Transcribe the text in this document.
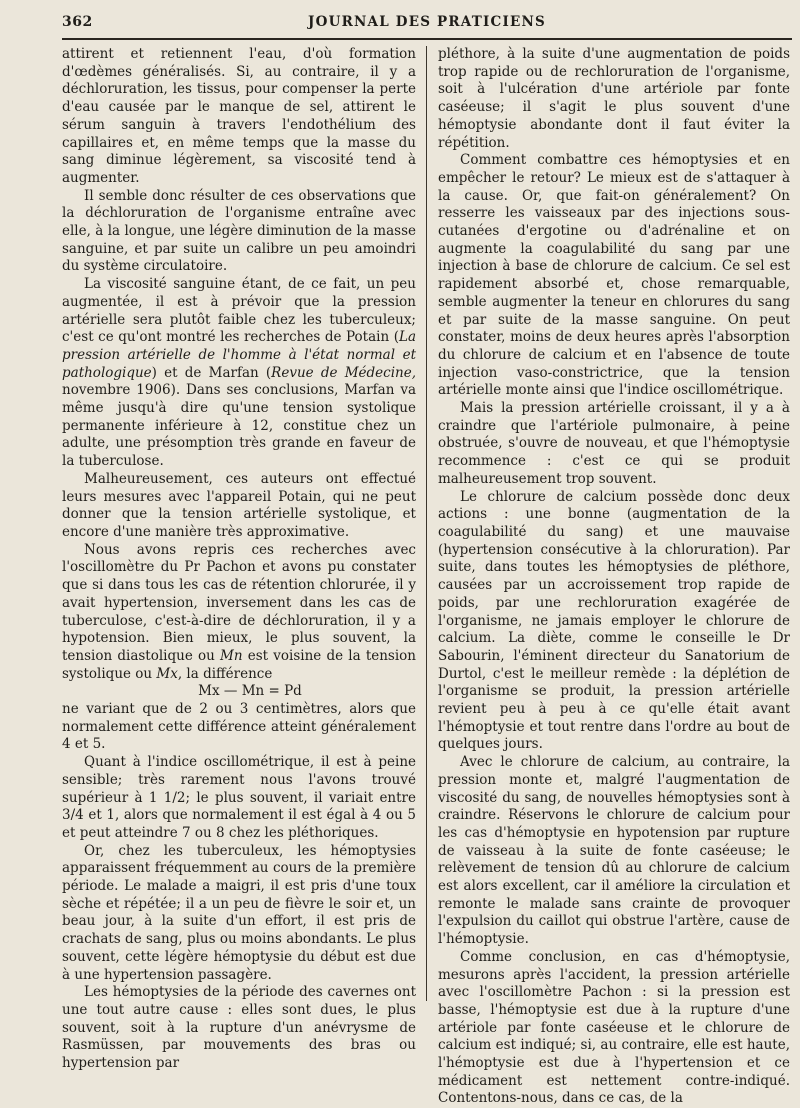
362	JOURNAL DES PRATICIENS

attirent et retiennent l'eau, d'où formation d'œdèmes généralisés. Si, au contraire, il y a déchloruration, les tissus, pour compenser la perte d'eau causée par le manque de sel, attirent le sérum sanguin à travers l'endothélium des capillaires et, en même temps que la masse du sang diminue légèrement, sa viscosité tend à augmenter.

Il semble donc résulter de ces observations que la déchloruration de l'organisme entraîne avec elle, à la longue, une légère diminution de la masse sanguine, et par suite un calibre un peu amoindri du système circulatoire.

La viscosité sanguine étant, de ce fait, un peu augmentée, il est à prévoir que la pression artérielle sera plutôt faible chez les tuberculeux; c'est ce qu'ont montré les recherches de Potain (La pression artérielle de l'homme à l'état normal et pathologique) et de Marfan (Revue de Médecine, novembre 1906). Dans ses conclusions, Marfan va même jusqu'à dire qu'une tension systolique permanente inférieure à 12, constitue chez un adulte, une présomption très grande en faveur de la tuberculose.

Malheureusement, ces auteurs ont effectué leurs mesures avec l'appareil Potain, qui ne peut donner que la tension artérielle systolique, et encore d'une manière très approximative.

Nous avons repris ces recherches avec l'oscillomètre du Pr Pachon et avons pu constater que si dans tous les cas de rétention chlorurée, il y avait hypertension, inversement dans les cas de tuberculose, c'est-à-dire de déchloruration, il y a hypotension. Bien mieux, le plus souvent, la tension diastolique ou Mn est voisine de la tension systolique ou Mx, la différence

Mx — Mn = Pd

ne variant que de 2 ou 3 centimètres, alors que normalement cette différence atteint généralement 4 et 5.

Quant à l'indice oscillométrique, il est à peine sensible; très rarement nous l'avons trouvé supérieur à 1 1/2; le plus souvent, il variait entre 3/4 et 1, alors que normalement il est égal à 4 ou 5 et peut atteindre 7 ou 8 chez les pléthoriques.

Or, chez les tuberculeux, les hémoptysies apparaissent fréquemment au cours de la première période. Le malade a maigri, il est pris d'une toux sèche et répétée; il a un peu de fièvre le soir et, un beau jour, à la suite d'un effort, il est pris de crachats de sang, plus ou moins abondants. Le plus souvent, cette légère hémoptysie du début est due à une hypertension passagère.

Les hémoptysies de la période des cavernes ont une tout autre cause : elles sont dues, le plus souvent, soit à la rupture d'un anévrysme de Rasmüssen, par mouvements des bras ou hypertension par

pléthore, à la suite d'une augmentation de poids trop rapide ou de rechloruration de l'organisme, soit à l'ulcération d'une artériole par fonte caséeuse; il s'agit le plus souvent d'une hémoptysie abondante dont il faut éviter la répétition.

Comment combattre ces hémoptysies et en empêcher le retour? Le mieux est de s'attaquer à la cause. Or, que fait-on généralement? On resserre les vaisseaux par des injections sous-cutanées d'ergotine ou d'adrénaline et on augmente la coagulabilité du sang par une injection à base de chlorure de calcium. Ce sel est rapidement absorbé et, chose remarquable, semble augmenter la teneur en chlorures du sang et par suite de la masse sanguine. On peut constater, moins de deux heures après l'absorption du chlorure de calcium et en l'absence de toute injection vaso-constrictrice, que la tension artérielle monte ainsi que l'indice oscillométrique.

Mais la pression artérielle croissant, il y a à craindre que l'artériole pulmonaire, à peine obstruée, s'ouvre de nouveau, et que l'hémoptysie recommence : c'est ce qui se produit malheureusement trop souvent.

Le chlorure de calcium possède donc deux actions : une bonne (augmentation de la coagulabilité du sang) et une mauvaise (hypertension consécutive à la chloruration). Par suite, dans toutes les hémoptysies de pléthore, causées par un accroissement trop rapide de poids, par une rechloruration exagérée de l'organisme, ne jamais employer le chlorure de calcium. La diète, comme le conseille le Dr Sabourin, l'éminent directeur du Sanatorium de Durtol, c'est le meilleur remède : la déplétion de l'organisme se produit, la pression artérielle revient peu à peu à ce qu'elle était avant l'hémoptysie et tout rentre dans l'ordre au bout de quelques jours.

Avec le chlorure de calcium, au contraire, la pression monte et, malgré l'augmentation de viscosité du sang, de nouvelles hémoptysies sont à craindre. Réservons le chlorure de calcium pour les cas d'hémoptysie en hypotension par rupture de vaisseau à la suite de fonte caséeuse; le relèvement de tension dû au chlorure de calcium est alors excellent, car il améliore la circulation et remonte le malade sans crainte de provoquer l'expulsion du caillot qui obstrue l'artère, cause de l'hémoptysie.

Comme conclusion, en cas d'hémoptysie, mesurons après l'accident, la pression artérielle avec l'oscillomètre Pachon : si la pression est basse, l'hémoptysie est due à la rupture d'une artériole par fonte caséeuse et le chlorure de calcium est indiqué; si, au contraire, elle est haute, l'hémoptysie est due à l'hypertension et ce médicament est nettement contre-indiqué. Contentons-nous, dans ce cas, de la
